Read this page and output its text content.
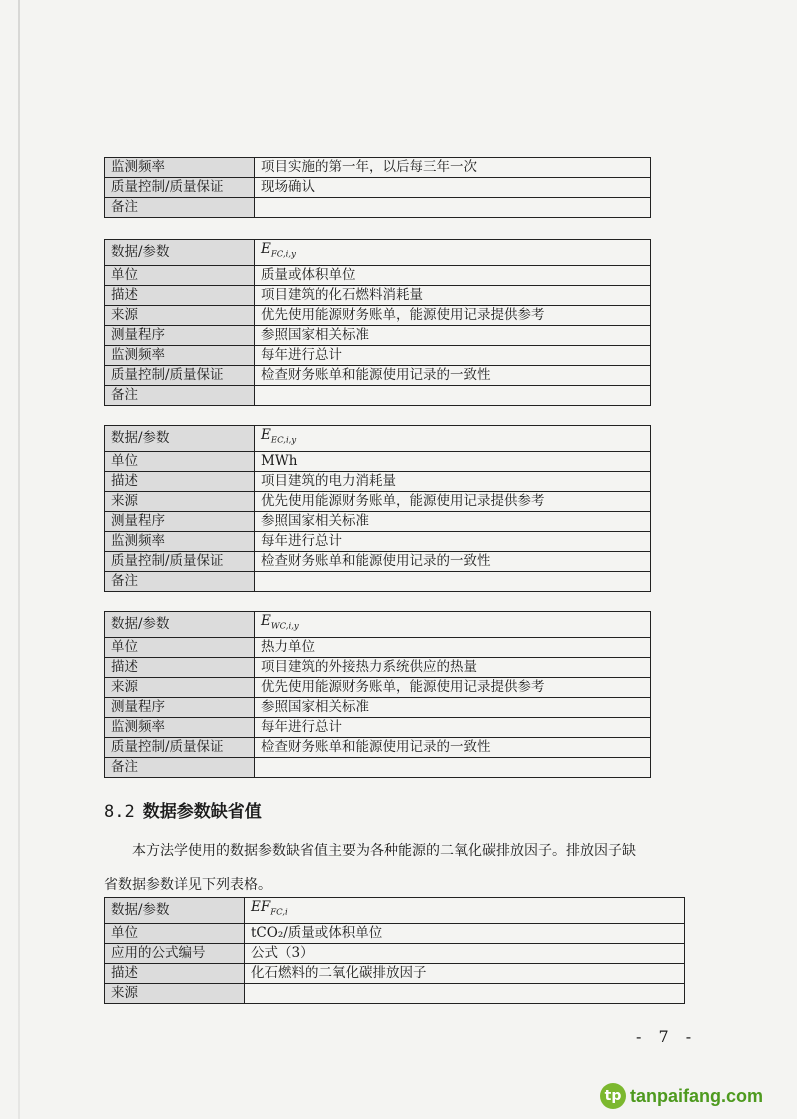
监测频率	项目实施的第一年，以后每三年一次
质量控制/质量保证	现场确认
备注	
数据/参数	$E_{FC,i,y}$
单位	质量或体积单位
描述	项目建筑的化石燃料消耗量
来源	优先使用能源财务账单，能源使用记录提供参考
测量程序	参照国家相关标准
监测频率	每年进行总计
质量控制/质量保证	检查财务账单和能源使用记录的一致性
备注	
数据/参数	$E_{EC,i,y}$
单位	MWh
描述	项目建筑的电力消耗量
来源	优先使用能源财务账单，能源使用记录提供参考
测量程序	参照国家相关标准
监测频率	每年进行总计
质量控制/质量保证	检查财务账单和能源使用记录的一致性
备注	
数据/参数	$E_{WC,i,y}$
单位	热力单位
描述	项目建筑的外接热力系统供应的热量
来源	优先使用能源财务账单，能源使用记录提供参考
测量程序	参照国家相关标准
监测频率	每年进行总计
质量控制/质量保证	检查财务账单和能源使用记录的一致性
备注	
8.2 数据参数缺省值
本方法学使用的数据参数缺省值主要为各种能源的二氧化碳排放因子。排放因子缺
省数据参数详见下列表格。
数据/参数	$EF_{FC,i}$
单位	tCO₂/质量或体积单位
应用的公式编号	公式（3）
描述	化石燃料的二氧化碳排放因子
来源	
- 7 -
tp tanpaifang.com
